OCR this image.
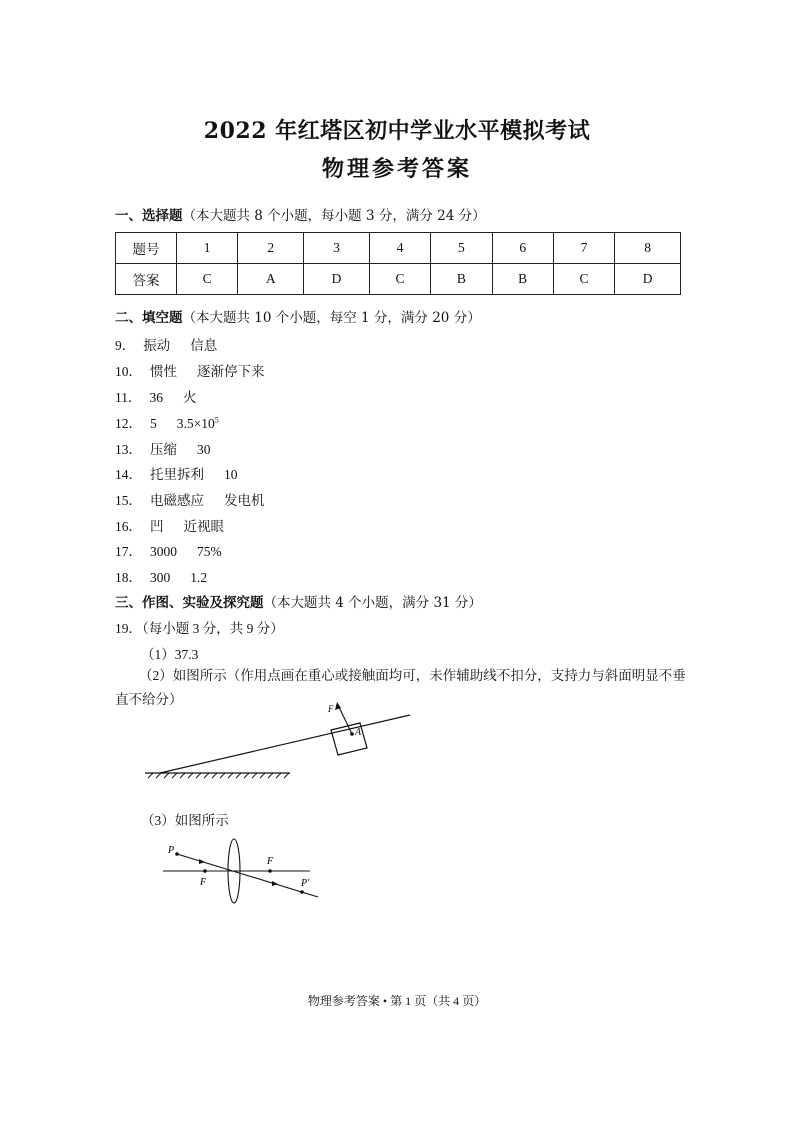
2022 年红塔区初中学业水平模拟考试
物理参考答案
一、选择题（本大题共 8 个小题，每小题 3 分，满分 24 分）
题号	1	2	3	4	5	6	7	8
答案	C	A	D	C	B	B	C	D
二、填空题（本大题共 10 个小题，每空 1 分，满分 20 分）
9． 振动 信息
10． 惯性 逐渐停下来
11． 36 火
12． 5 $3.5\times 10^5$
13． 压缩 30
14． 托里拆利 10
15． 电磁感应 发电机
16． 凹 近视眼
17． 3000 75%
18． 300 1.2
三、作图、实验及探究题（本大题共 4 个小题，满分 31 分）
19．（每小题 3 分，共 9 分）
（1）37.3
（2）如图所示（作用点画在重心或接触面均可，未作辅助线不扣分，支持力与斜面明显不垂直不给分）
F
A
（3）如图所示
P
F
F
P′
物理参考答案 • 第 1 页（共 4 页）
